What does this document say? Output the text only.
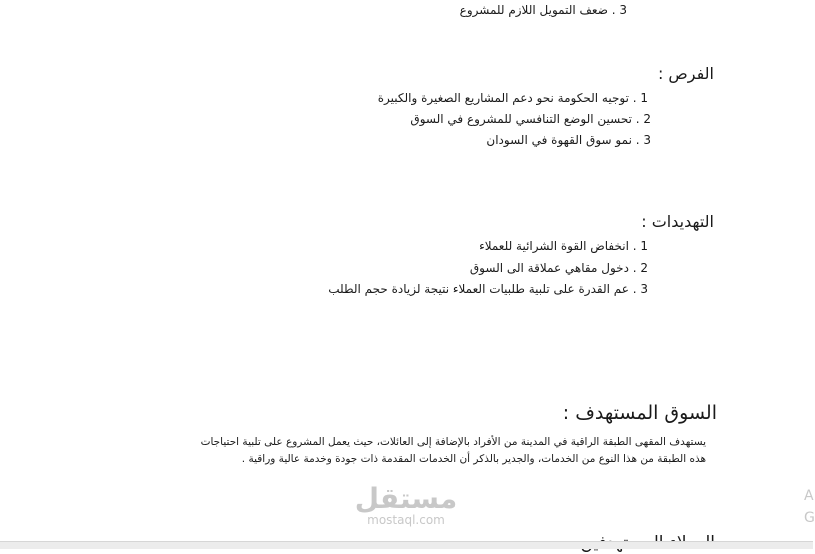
3 . ضعف التمويل اللازم للمشروع
الفرص :
1 . توجيه الحكومة نحو دعم المشاريع الصغيرة والكبيرة
2 . تحسين الوضع التنافسي للمشروع في السوق
3 . نمو سوق القهوة في السودان
التهديدات :
1 . انخفاض القوة الشرائية للعملاء
2 . دخول مقاهي عملاقة الى السوق
3 . عم القدرة على تلبية طلبيات العملاء نتيجة لزيادة حجم الطلب
السوق المستهدف :
يستهدف المقهى الطبقة الراقية في المدينة من الأفراد بالإضافة إلى العائلات، حيث يعمل المشروع على تلبية احتياجات
هذه الطبقة من هذا النوع من الخدمات، والجدير بالذكر أن الخدمات المقدمة ذات جودة وخدمة عالية وراقية .
مستقل
mostaql.com
A
G
